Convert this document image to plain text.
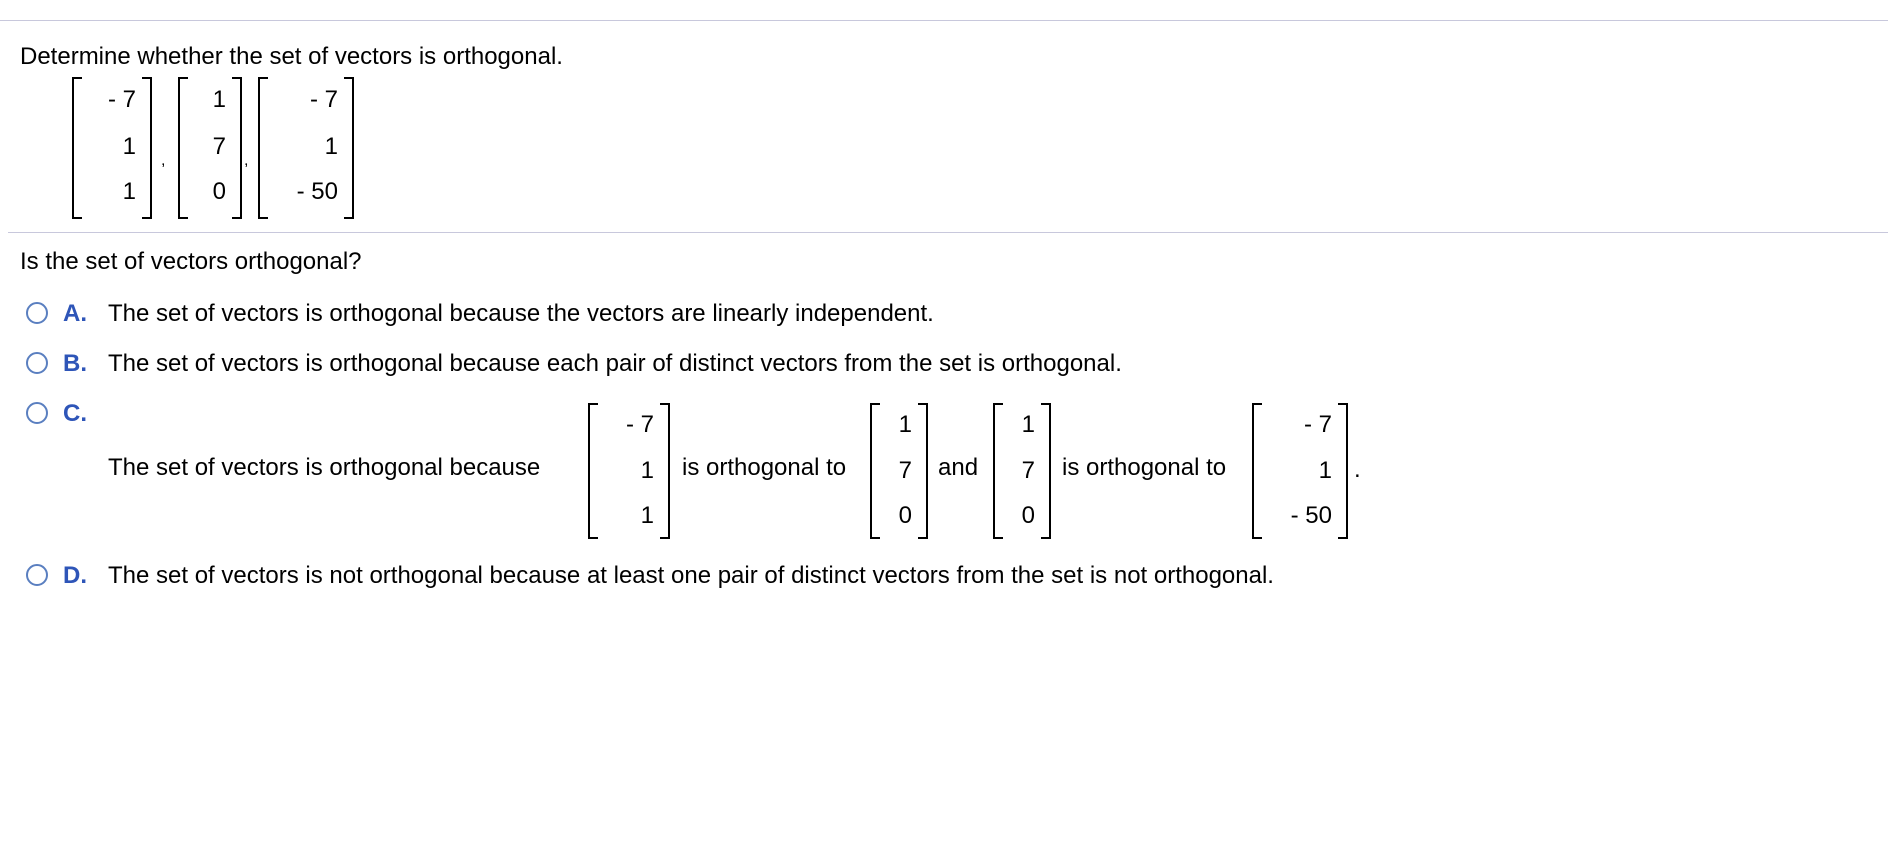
Determine whether the set of vectors is orthogonal.
- 7
1
1
,
1
7
0
,
- 7
1
- 50
Is the set of vectors orthogonal?
A. The set of vectors is orthogonal because the vectors are linearly independent.
B. The set of vectors is orthogonal because each pair of distinct vectors from the set is orthogonal.
C.
The set of vectors is orthogonal because
- 7
1
1
is orthogonal to
1
7
0
and
1
7
0
is orthogonal to
- 7
1
- 50
.
D. The set of vectors is not orthogonal because at least one pair of distinct vectors from the set is not orthogonal.
